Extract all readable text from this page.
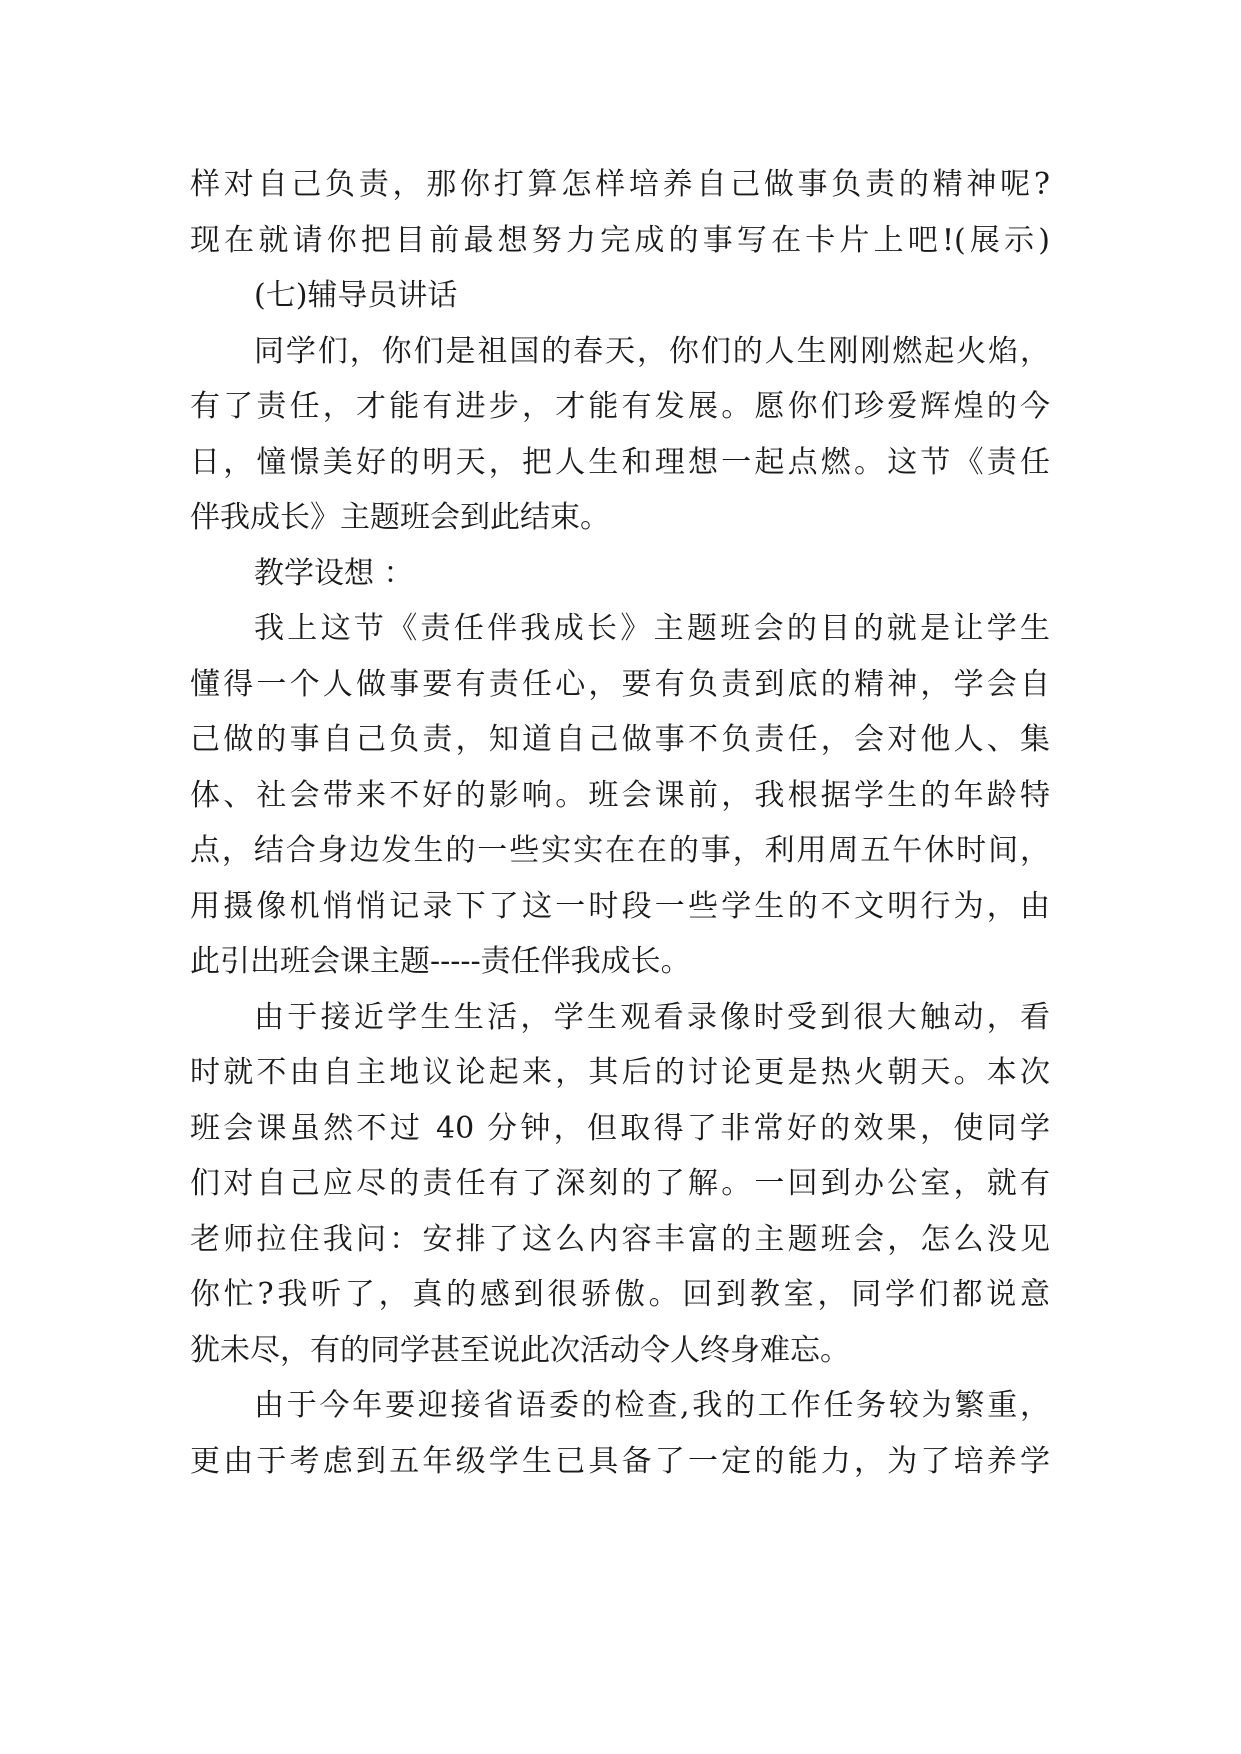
样对自己负责，那你打算怎样培养自己做事负责的精神呢?
现在就请你把目前最想努力完成的事写在卡片上吧!(展示)
(七)辅导员讲话
同学们，你们是祖国的春天，你们的人生刚刚燃起火焰，
有了责任，才能有进步，才能有发展。愿你们珍爱辉煌的今
日，憧憬美好的明天，把人生和理想一起点燃。这节《责任
伴我成长》主题班会到此结束。
教学设想 ：
我上这节《责任伴我成长》主题班会的目的就是让学生
懂得一个人做事要有责任心，要有负责到底的精神，学会自
己做的事自己负责，知道自己做事不负责任，会对他人、集
体、社会带来不好的影响。班会课前，我根据学生的年龄特
点，结合身边发生的一些实实在在的事，利用周五午休时间，
用摄像机悄悄记录下了这一时段一些学生的不文明行为，由
此引出班会课主题-----责任伴我成长。
由于接近学生生活，学生观看录像时受到很大触动，看
时就不由自主地议论起来，其后的讨论更是热火朝天。本次
班会课虽然不过 40 分钟，但取得了非常好的效果，使同学
们对自己应尽的责任有了深刻的了解。一回到办公室，就有
老师拉住我问：安排了这么内容丰富的主题班会，怎么没见
你忙?我听了，真的感到很骄傲。回到教室，同学们都说意
犹未尽，有的同学甚至说此次活动令人终身难忘。
由于今年要迎接省语委的检查,我的工作任务较为繁重，
更由于考虑到五年级学生已具备了一定的能力，为了培养学
